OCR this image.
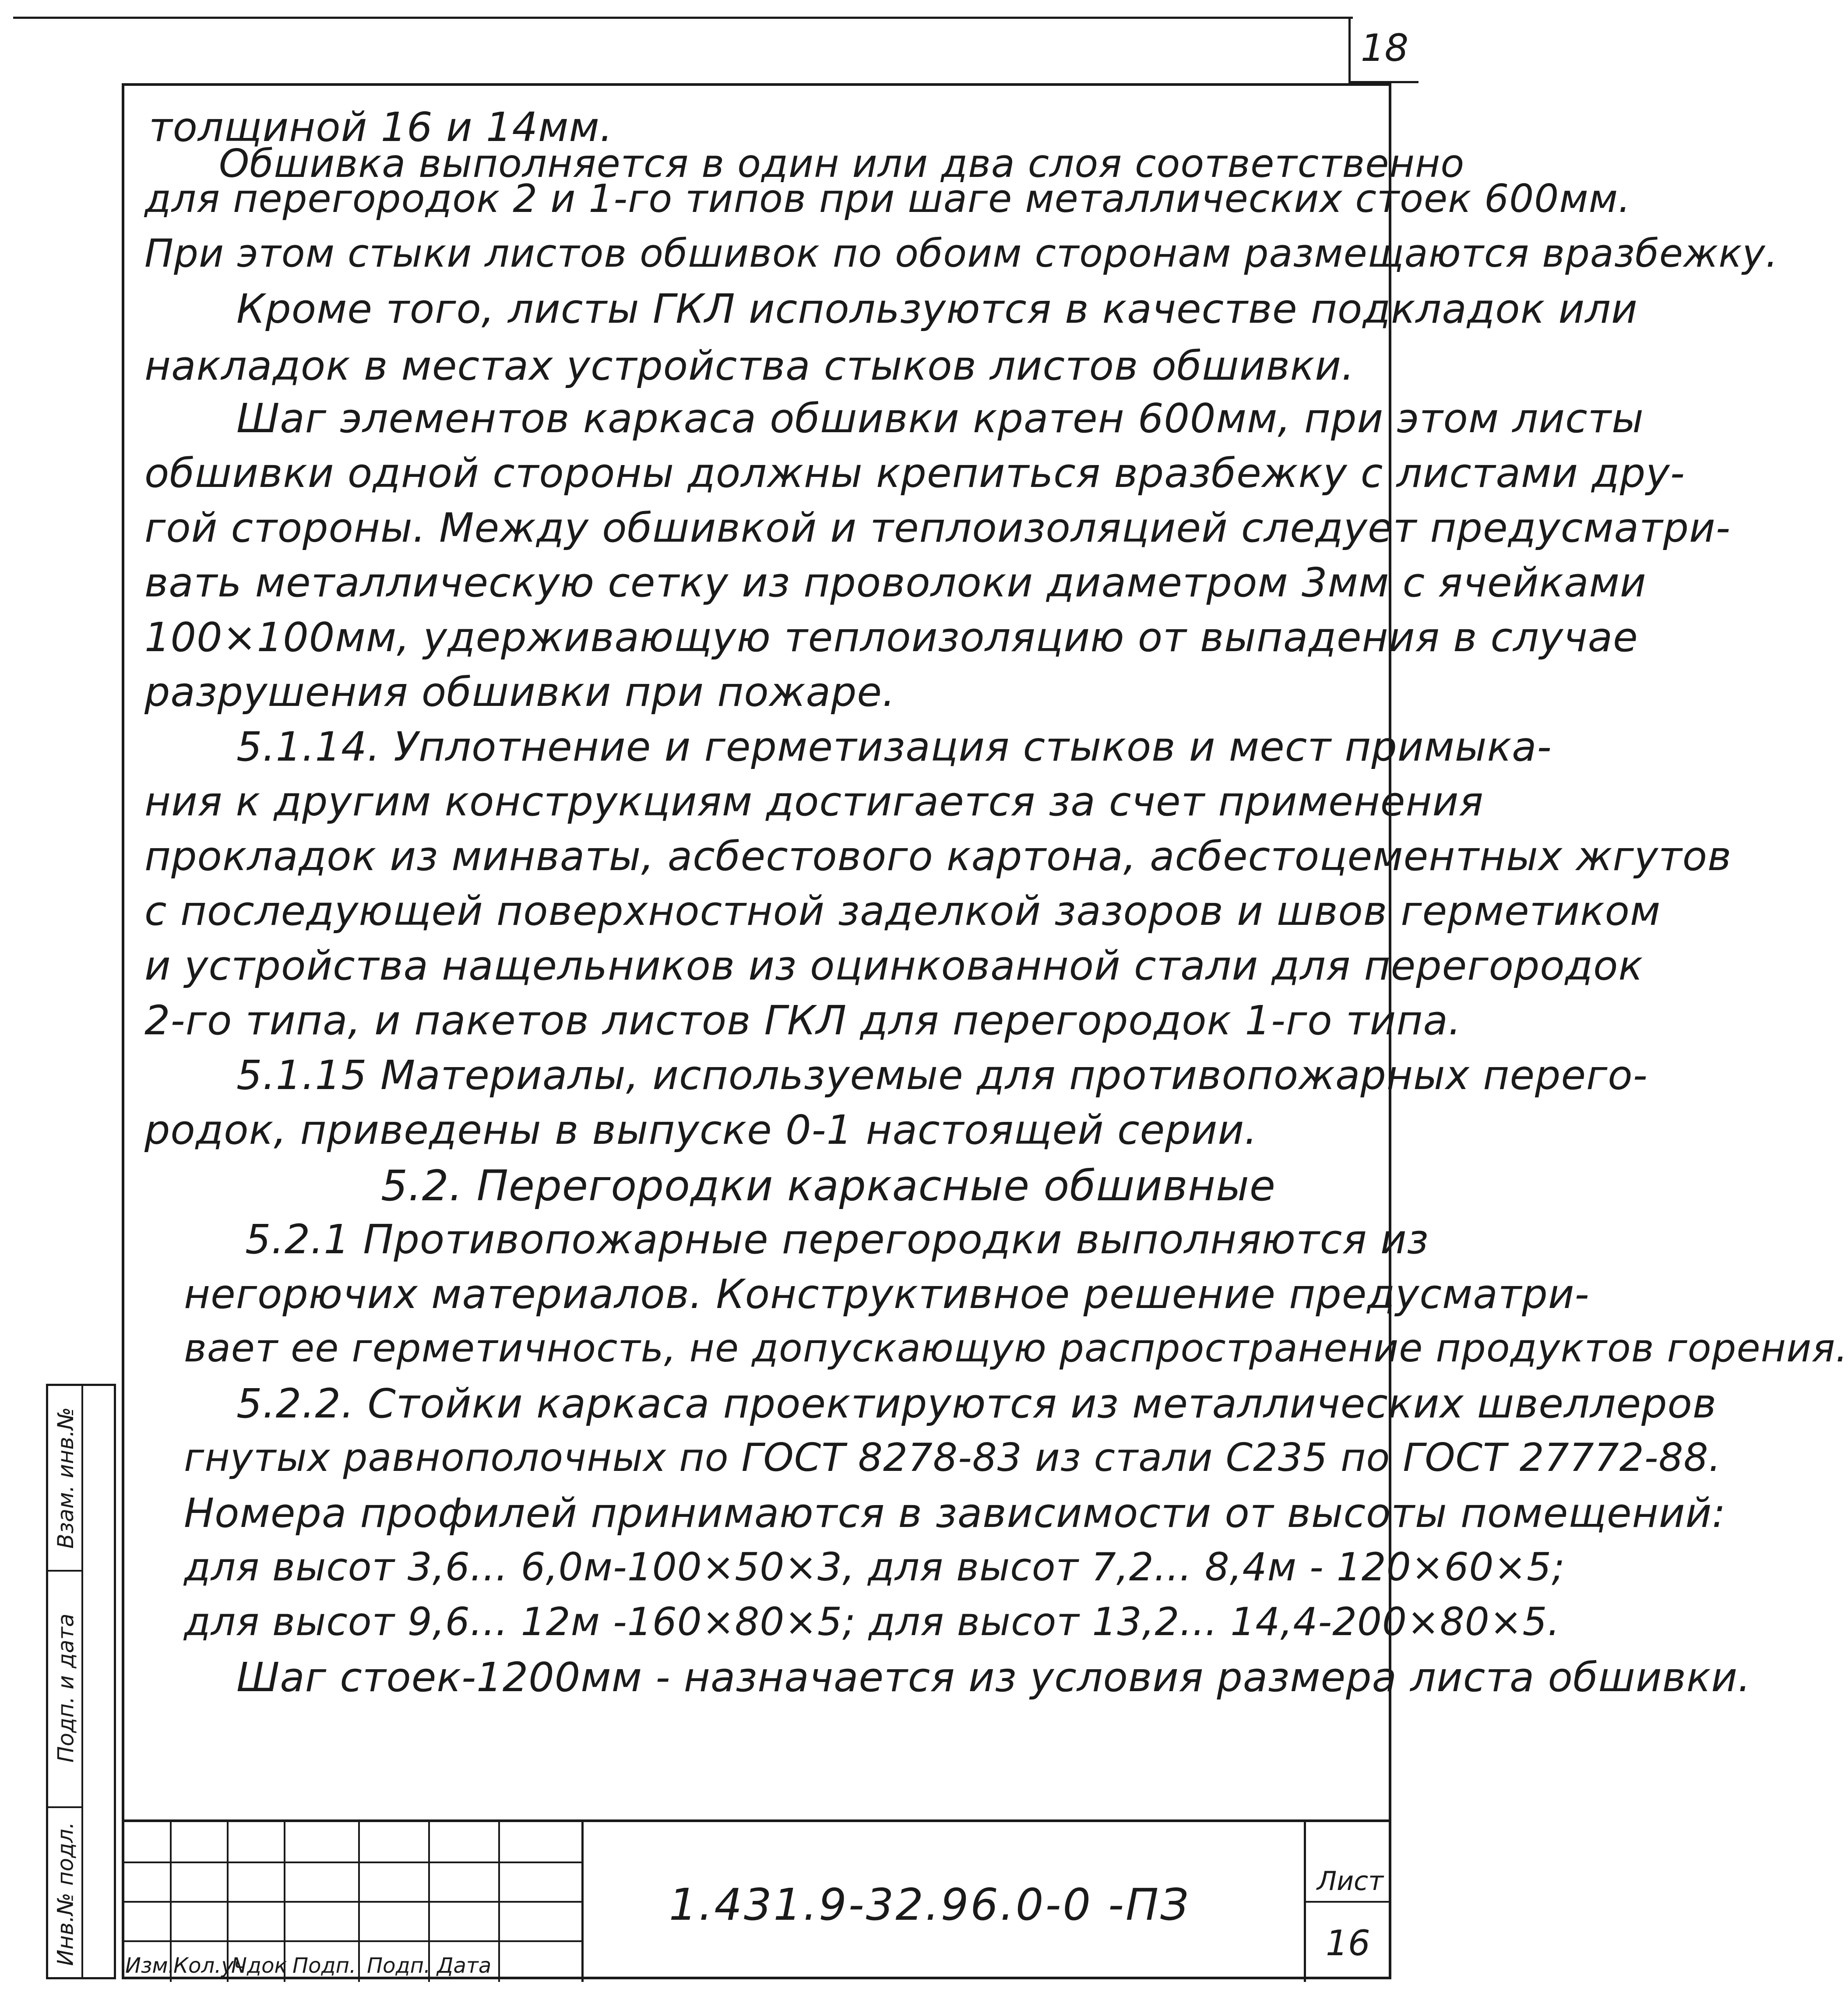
18
толщиной 16 и 14мм.
Обшивка выполняется в один или два слоя соответственно
для перегородок 2 и 1-го типов при шаге металлических стоек 600мм.
При этом стыки листов обшивок по обоим сторонам размещаются вразбежку.
Кроме того, листы ГКЛ используются в качестве подкладок или
накладок в местах устройства стыков листов обшивки.
Шаг элементов каркаса обшивки кратен 600мм, при этом листы
обшивки одной стороны должны крепиться вразбежку с листами дру-
гой стороны. Между обшивкой и теплоизоляцией следует предусматри-
вать металлическую сетку из проволоки диаметром 3мм с ячейками
100×100мм, удерживающую теплоизоляцию от выпадения в случае
разрушения обшивки при пожаре.
5.1.14. Уплотнение и герметизация стыков и мест примыка-
ния к другим конструкциям достигается за счет применения
прокладок из минваты, асбестового картона, асбестоцементных жгутов
с последующей поверхностной заделкой зазоров и швов герметиком
и устройства нащельников из оцинкованной стали для перегородок
2-го типа, и пакетов листов ГКЛ для перегородок 1-го типа.
5.1.15 Материалы, используемые для противопожарных перего-
родок, приведены в выпуске 0-1 настоящей серии.
5.2. Перегородки каркасные обшивные
5.2.1 Противопожарные перегородки выполняются из
негорючих материалов. Конструктивное решение предусматри-
вает ее герметичность, не допускающую распространение продуктов горения.
5.2.2. Стойки каркаса проектируются из металлических швеллеров
гнутых равнополочных по ГОСТ 8278-83 из стали С235 по ГОСТ 27772-88.
Номера профилей принимаются в зависимости от высоты помещений:
для высот 3,6... 6,0м-100×50×3, для высот 7,2... 8,4м - 120×60×5;
для высот 9,6... 12м -160×80×5; для высот 13,2... 14,4-200×80×5.
Шаг стоек-1200мм - назначается из условия размера листа обшивки.
Инв.№ подл.
Подп. и дата
Взам. инв.№
Изм.
Кол.уч
Nдок Подп. Подп. Дата
1.431.9-32.96.0-0 -ПЗ	Лист
16
